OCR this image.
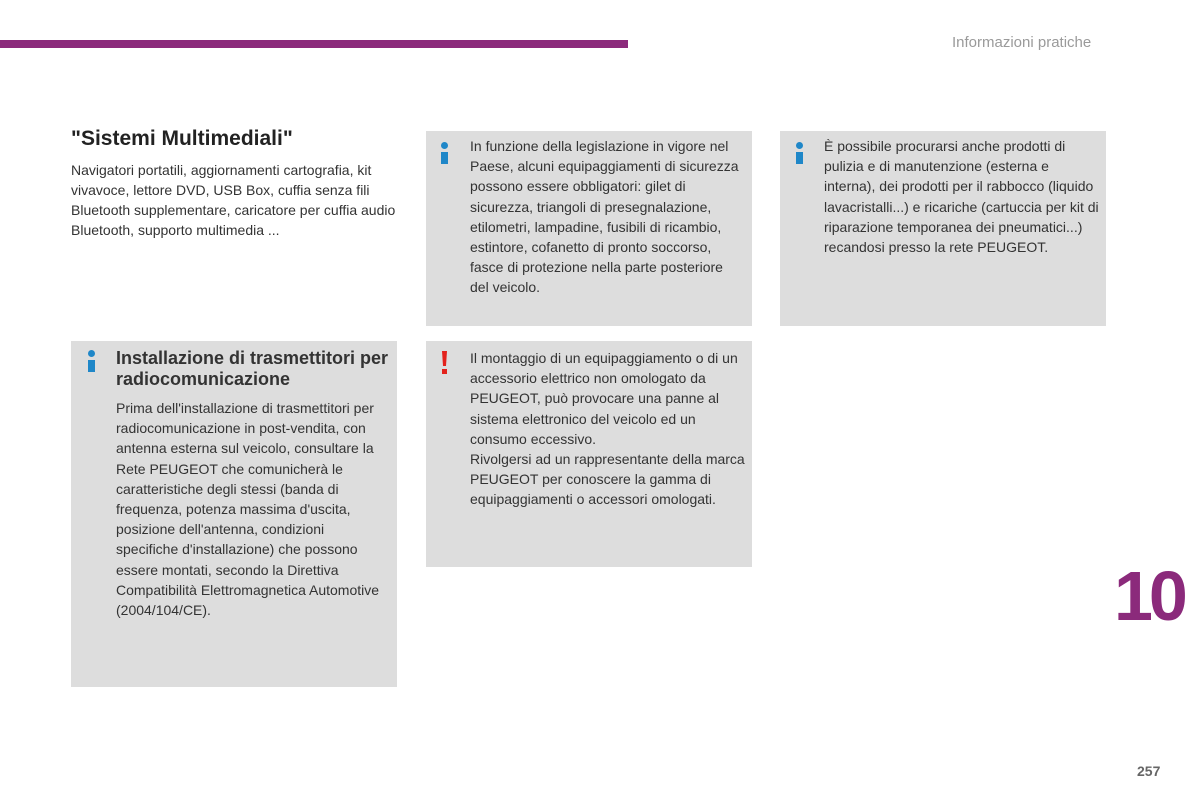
Informazioni pratiche
"Sistemi Multimediali"
Navigatori portatili, aggiornamenti cartografia, kit vivavoce, lettore DVD, USB Box, cuffia senza fili Bluetooth supplementare, caricatore per cuffia audio Bluetooth, supporto multimedia ...
In funzione della legislazione in vigore nel Paese, alcuni equipaggiamenti di sicurezza possono essere obbligatori: gilet di sicurezza, triangoli di presegnalazione, etilometri, lampadine, fusibili di ricambio, estintore, cofanetto di pronto soccorso, fasce di protezione nella parte posteriore del veicolo.
È possibile procurarsi anche prodotti di pulizia e di manutenzione (esterna e interna), dei prodotti per il rabbocco (liquido lavacristalli...) e ricariche (cartuccia per kit di riparazione temporanea dei pneumatici...) recandosi presso la rete PEUGEOT.
Installazione di trasmettitori per radiocomunicazione
Prima dell'installazione di trasmettitori per radiocomunicazione in post-vendita, con antenna esterna sul veicolo, consultare la Rete PEUGEOT che comunicherà le caratteristiche degli stessi (banda di frequenza, potenza massima d'uscita, posizione dell'antenna, condizioni specifiche d'installazione) che possono essere montati, secondo la Direttiva Compatibilità Elettromagnetica Automotive (2004/104/CE).
Il montaggio di un equipaggiamento o di un accessorio elettrico non omologato da PEUGEOT, può provocare una panne al sistema elettronico del veicolo ed un consumo eccessivo.
Rivolgersi ad un rappresentante della marca PEUGEOT per conoscere la gamma di equipaggiamenti o accessori omologati.
10
257
